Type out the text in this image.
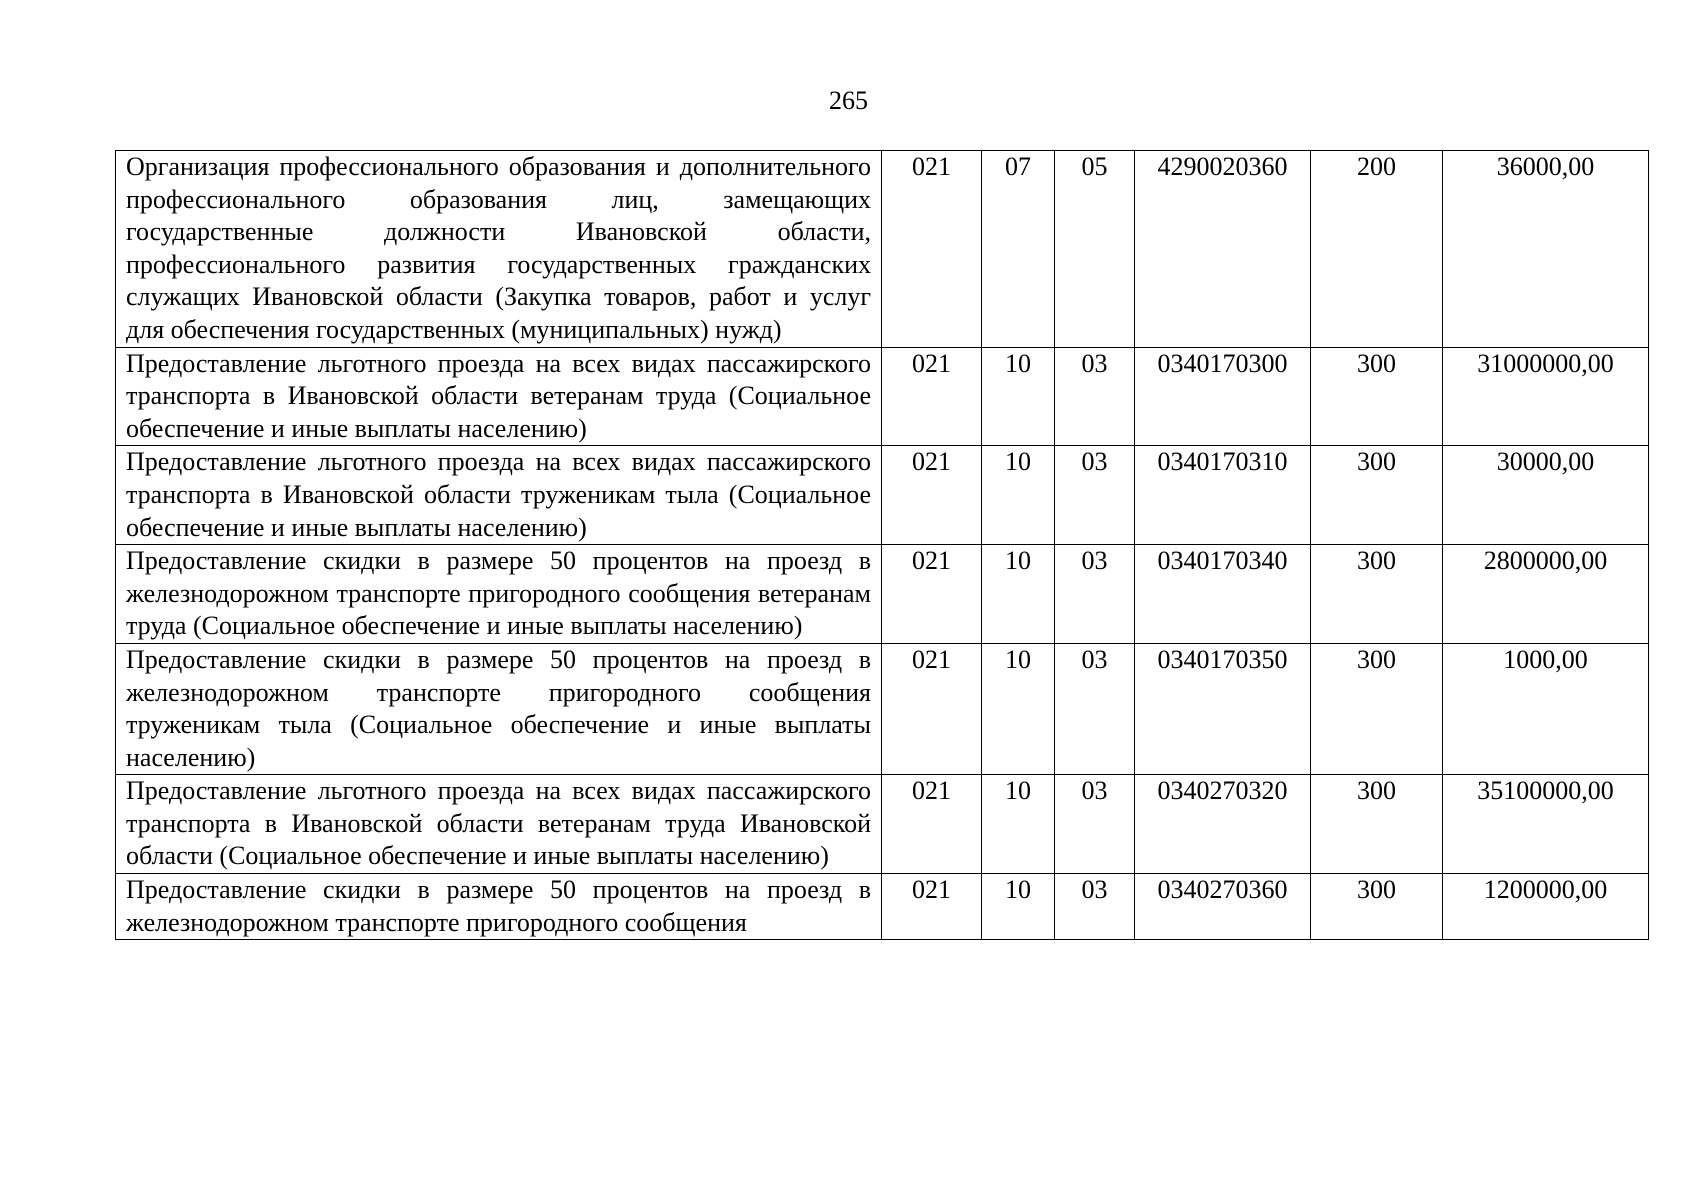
265
Организация профессионального образования и дополнительного профессионального образования лиц, замещающих государственные должности Ивановской области, профессионального развития государственных гражданских служащих Ивановской области (Закупка товаров, работ и услуг для обеспечения государственных (муниципальных) нужд)	021	07	05	4290020360	200	36000,00
Предоставление льготного проезда на всех видах пассажирского транспорта в Ивановской области ветеранам труда (Социальное обеспечение и иные выплаты населению)	021	10	03	0340170300	300	31000000,00
Предоставление льготного проезда на всех видах пассажирского транспорта в Ивановской области труженикам тыла (Социальное обеспечение и иные выплаты населению)	021	10	03	0340170310	300	30000,00
Предоставление скидки в размере 50 процентов на проезд в железнодорожном транспорте пригородного сообщения ветеранам труда (Социальное обеспечение и иные выплаты населению)	021	10	03	0340170340	300	2800000,00
Предоставление скидки в размере 50 процентов на проезд в железнодорожном транспорте пригородного сообщения труженикам тыла (Социальное обеспечение и иные выплаты населению)	021	10	03	0340170350	300	1000,00
Предоставление льготного проезда на всех видах пассажирского транспорта в Ивановской области ветеранам труда Ивановской области (Социальное обеспечение и иные выплаты населению)	021	10	03	0340270320	300	35100000,00
Предоставление скидки в размере 50 процентов на проезд в железнодорожном транспорте пригородного сообщения	021	10	03	0340270360	300	1200000,00
